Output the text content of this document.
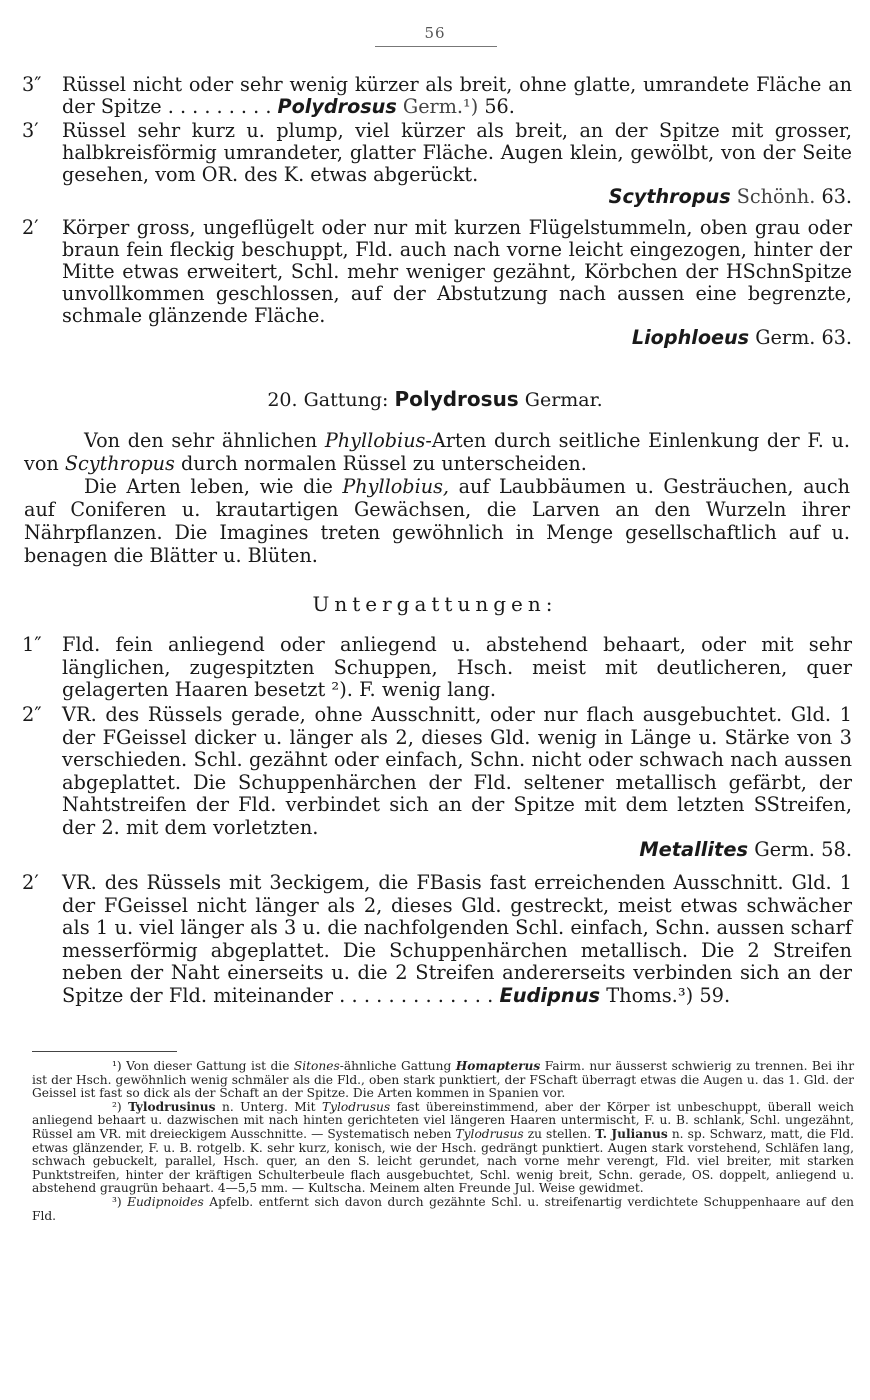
56
3″	Rüssel nicht oder sehr wenig kürzer als breit, ohne glatte, umrandete Fläche an der Spitze . . . . . . . . . Polydrosus Germ.¹) 56.
3′	Rüssel sehr kurz u. plump, viel kürzer als breit, an der Spitze mit grosser, halbkreisförmig umrandeter, glatter Fläche. Augen klein, gewölbt, von der Seite gesehen, vom OR. des K. etwas abgerückt.
Scythropus Schönh. 63.
2′	Körper gross, ungeflügelt oder nur mit kurzen Flügelstummeln, oben grau oder braun fein fleckig beschuppt, Fld. auch nach vorne leicht eingezogen, hinter der Mitte etwas erweitert, Schl. mehr weniger gezähnt, Körbchen der HSchnSpitze unvollkommen geschlossen, auf der Abstutzung nach aussen eine begrenzte, schmale glänzende Fläche.
Liophloeus Germ. 63.
20. Gattung: Polydrosus Germar.

Von den sehr ähnlichen Phyllobius-Arten durch seitliche Einlenkung der F. u. von Scythropus durch normalen Rüssel zu unterscheiden.

Die Arten leben, wie die Phyllobius, auf Laubbäumen u. Gesträuchen, auch auf Coniferen u. krautartigen Gewächsen, die Larven an den Wurzeln ihrer Nährpflanzen. Die Imagines treten gewöhnlich in Menge gesellschaftlich auf u. benagen die Blätter u. Blüten.

Untergattungen:
1″	Fld. fein anliegend oder anliegend u. abstehend behaart, oder mit sehr länglichen, zugespitzten Schuppen, Hsch. meist mit deutlicheren, quer gelagerten Haaren besetzt ²). F. wenig lang.
2″	VR. des Rüssels gerade, ohne Ausschnitt, oder nur flach ausgebuchtet. Gld. 1 der FGeissel dicker u. länger als 2, dieses Gld. wenig in Länge u. Stärke von 3 verschieden. Schl. gezähnt oder einfach, Schn. nicht oder schwach nach aussen abgeplattet. Die Schuppenhärchen der Fld. seltener metallisch gefärbt, der Nahtstreifen der Fld. verbindet sich an der Spitze mit dem letzten SStreifen, der 2. mit dem vorletzten.
Metallites Germ. 58.
2′	VR. des Rüssels mit 3eckigem, die FBasis fast erreichenden Ausschnitt. Gld. 1 der FGeissel nicht länger als 2, dieses Gld. gestreckt, meist etwas schwächer als 1 u. viel länger als 3 u. die nachfolgenden Schl. einfach, Schn. aussen scharf messerförmig abgeplattet. Die Schuppenhärchen metallisch. Die 2 Streifen neben der Naht einerseits u. die 2 Streifen andererseits verbinden sich an der Spitze der Fld. miteinander . . . . . . . . . . . . . Eudipnus Thoms.³) 59.

¹) Von dieser Gattung ist die Sitones-ähnliche Gattung Homapterus Fairm. nur äusserst schwierig zu trennen. Bei ihr ist der Hsch. gewöhnlich wenig schmäler als die Fld., oben stark punktiert, der FSchaft überragt etwas die Augen u. das 1. Gld. der Geissel ist fast so dick als der Schaft an der Spitze. Die Arten kommen in Spanien vor.

²) Tylodrusinus n. Unterg. Mit Tylodrusus fast übereinstimmend, aber der Körper ist unbeschuppt, überall weich anliegend behaart u. dazwischen mit nach hinten gerichteten viel längeren Haaren untermischt, F. u. B. schlank, Schl. ungezähnt, Rüssel am VR. mit dreieckigem Ausschnitte. — Systematisch neben Tylodrusus zu stellen. T. Julianus n. sp. Schwarz, matt, die Fld. etwas glänzender, F. u. B. rotgelb. K. sehr kurz, konisch, wie der Hsch. gedrängt punktiert. Augen stark vorstehend, Schläfen lang, schwach gebuckelt, parallel, Hsch. quer, an den S. leicht gerundet, nach vorne mehr verengt, Fld. viel breiter, mit starken Punktstreifen, hinter der kräftigen Schulterbeule flach ausgebuchtet, Schl. wenig breit, Schn. gerade, OS. doppelt, anliegend u. abstehend graugrün behaart. 4—5,5 mm. — Kultscha. Meinem alten Freunde Jul. Weise gewidmet.

³) Eudipnoides Apfelb. entfernt sich davon durch gezähnte Schl. u. streifenartig verdichtete Schuppenhaare auf den Fld.
